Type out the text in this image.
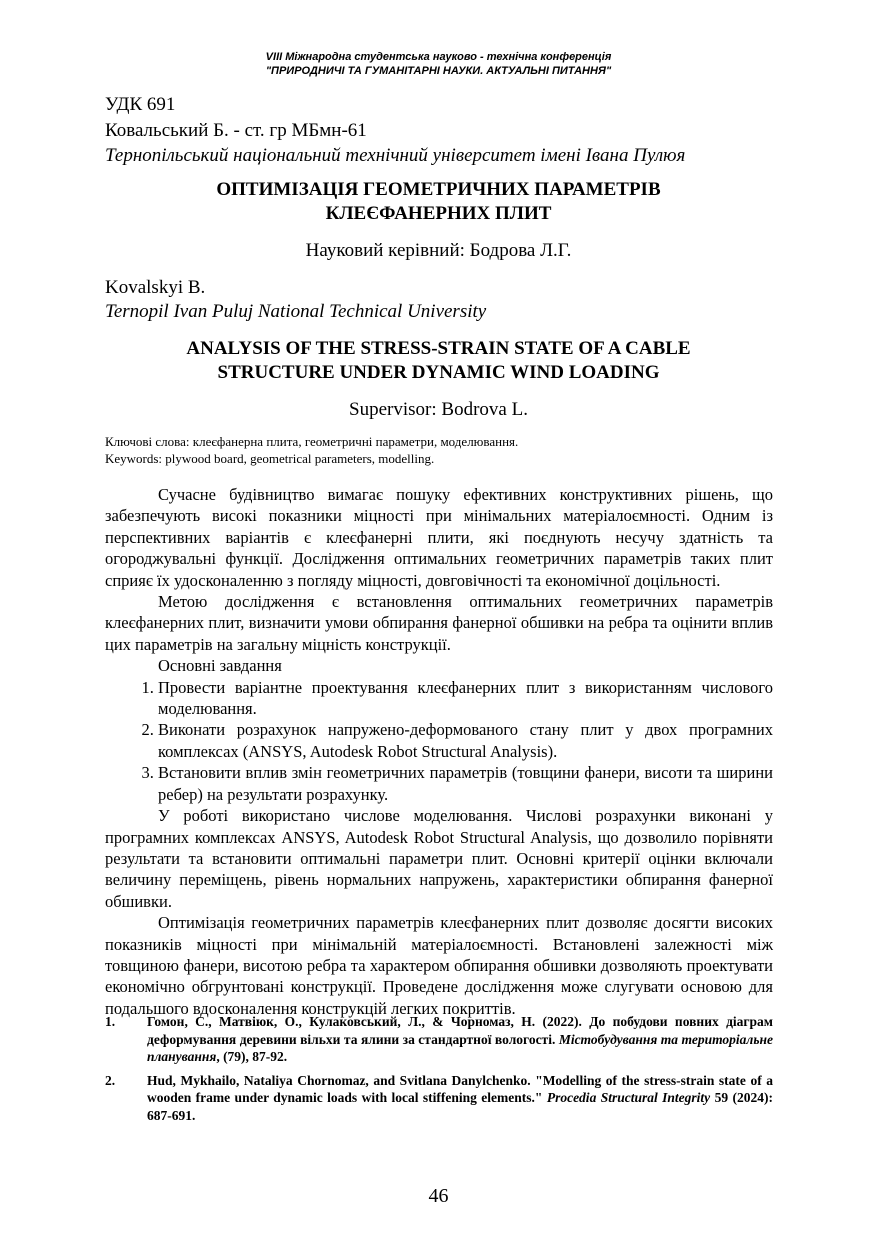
VIII Міжнародна студентська науково - технічна конференція
"ПРИРОДНИЧІ ТА ГУМАНІТАРНІ НАУКИ. АКТУАЛЬНІ ПИТАННЯ"
УДК 691
Ковальський Б. - ст. гр МБмн-61
Тернопільський національний технічний університет імені Івана Пулюя
ОПТИМІЗАЦІЯ ГЕОМЕТРИЧНИХ ПАРАМЕТРІВ
КЛЕЄФАНЕРНИХ ПЛИТ
Науковий керівний: Бодрова Л.Г.
Kovalskyi B.
Ternopil Ivan Puluj National Technical University
ANALYSIS OF THE STRESS-STRAIN STATE OF A CABLE
STRUCTURE UNDER DYNAMIC WIND LOADING
Supervisor: Bodrova L.
Ключові слова: клеєфанерна плита, геометричні параметри, моделювання.
Keywords: plywood board, geometrical parameters, modelling.

Сучасне будівництво вимагає пошуку ефективних конструктивних рішень, що забезпечують високі показники міцності при мінімальних матеріалоємності. Одним із перспективних варіантів є клеєфанерні плити, які поєднують несучу здатність та огороджувальні функції. Дослідження оптимальних геометричних параметрів таких плит сприяє їх удосконаленню з погляду міцності, довговічності та економічної доцільності.

Метою дослідження є встановлення оптимальних геометричних параметрів клеєфанерних плит, визначити умови обпирання фанерної обшивки на ребра та оцінити вплив цих параметрів на загальну міцність конструкції.

Основні завдання

1. Провести варіантне проектування клеєфанерних плит з використанням числового моделювання.
2. Виконати розрахунок напружено-деформованого стану плит у двох програмних комплексах (ANSYS, Autodesk Robot Structural Analysis).
3. Встановити вплив змін геометричних параметрів (товщини фанери, висоти та ширини ребер) на результати розрахунку.

У роботі використано числове моделювання. Числові розрахунки виконані у програмних комплексах ANSYS, Autodesk Robot Structural Analysis, що дозволило порівняти результати та встановити оптимальні параметри плит. Основні критерії оцінки включали величину переміщень, рівень нормальних напружень, характеристики обпирання фанерної обшивки.

Оптимізація геометричних параметрів клеєфанерних плит дозволяє досягти високих показників міцності при мінімальній матеріалоємності. Встановлені залежності між товщиною фанери, висотою ребра та характером обпирання обшивки дозволяють проектувати економічно обгрунтовані конструкції. Проведене дослідження може слугувати основою для подальшого вдосконалення конструкцій легких покриттів.

1. Гомон, С., Матвіюк, О., Кулаковський, Л., & Чорномаз, Н. (2022). До побудови повних діаграм деформування деревини вільхи та ялини за стандартної вологості. Містобудування та територіальне планування, (79), 87-92.
2. Hud, Mykhailo, Nataliya Chornomaz, and Svitlana Danylchenko. "Modelling of the stress-strain state of a wooden frame under dynamic loads with local stiffening elements." Procedia Structural Integrity 59 (2024): 687-691.
46
